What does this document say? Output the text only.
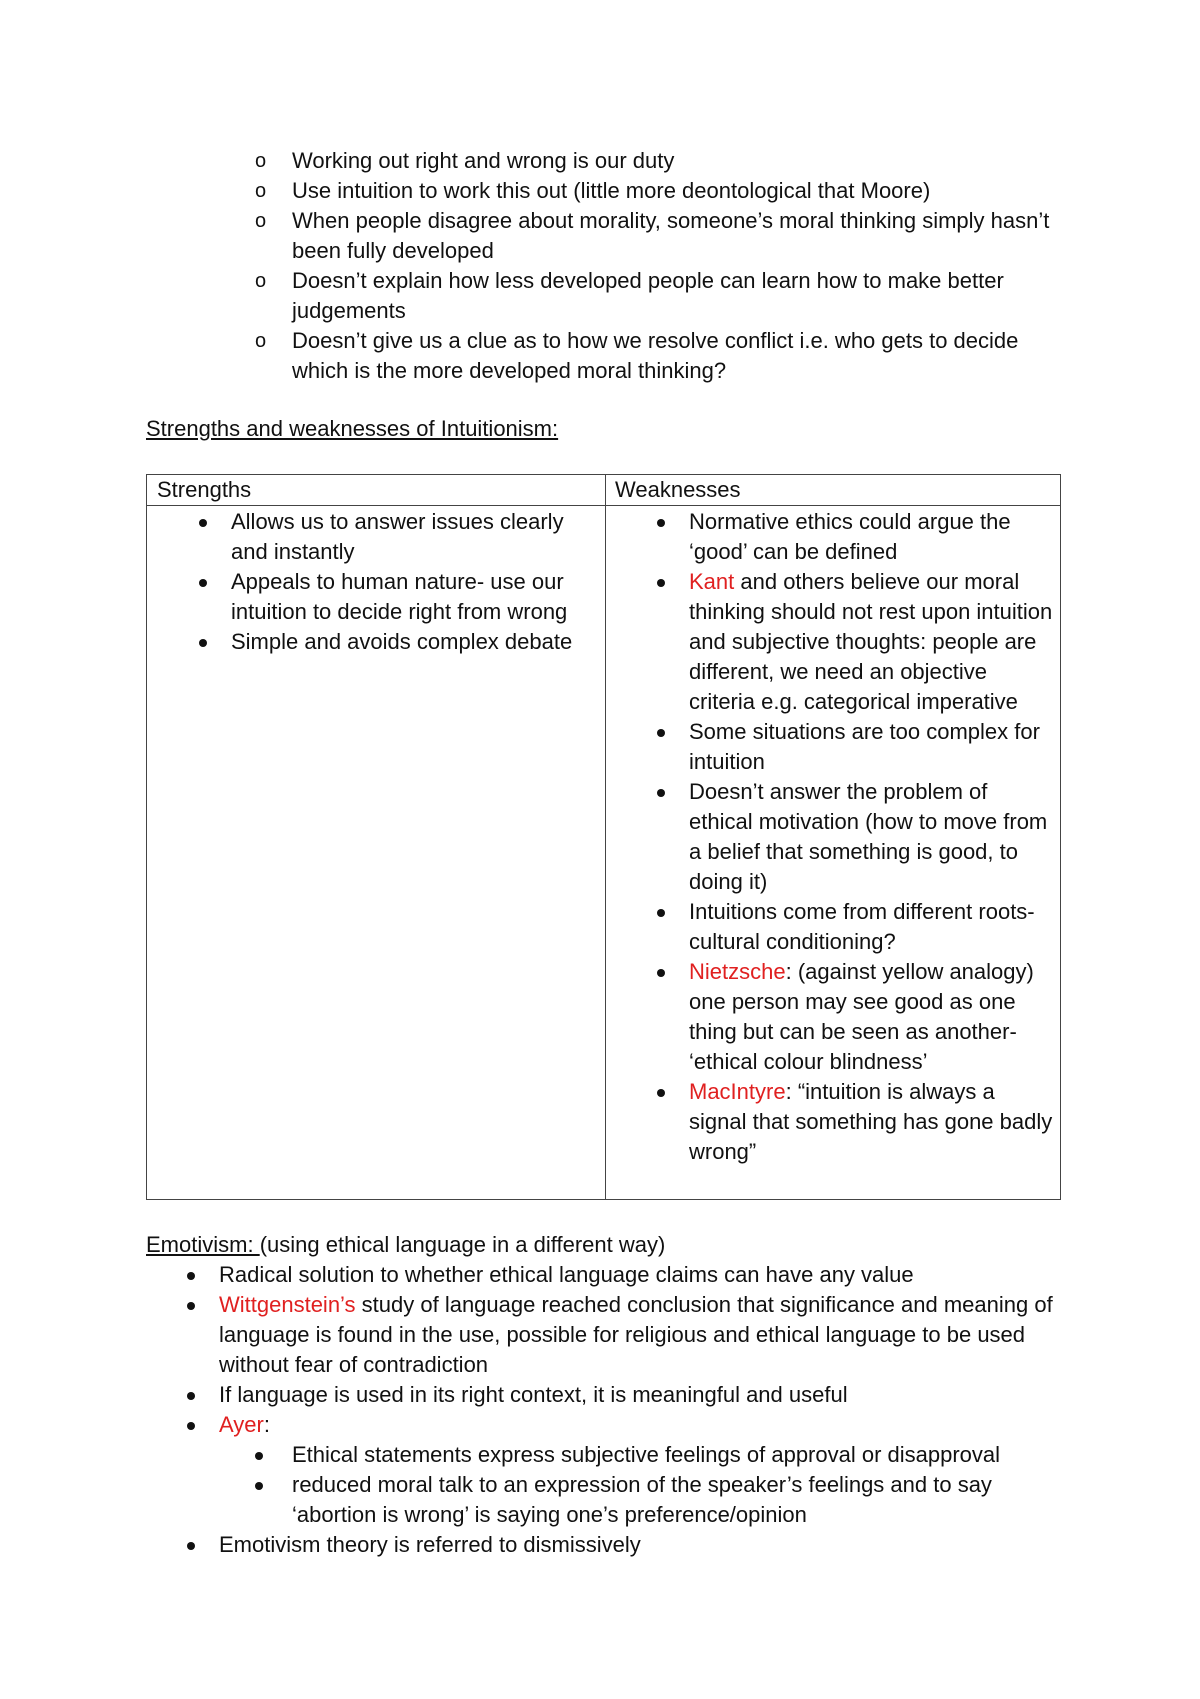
o Working out right and wrong is our duty
o Use intuition to work this out (little more deontological that Moore)
o When people disagree about morality, someone’s moral thinking simply hasn’t been fully developed
o Doesn’t explain how less developed people can learn how to make better judgements
o Doesn’t give us a clue as to how we resolve conflict i.e. who gets to decide which is the more developed moral thinking?
Strengths and weaknesses of Intuitionism:
Strengths	Weaknesses
Allows us to answer issues clearly and instantly
Appeals to human nature- use our intuition to decide right from wrong
Simple and avoids complex debate
Normative ethics could argue the ‘good’ can be defined
Kant and others believe our moral thinking should not rest upon intuition and subjective thoughts: people are different, we need an objective criteria e.g. categorical imperative
Some situations are too complex for intuition
Doesn’t answer the problem of ethical motivation (how to move from a belief that something is good, to doing it)
Intuitions come from different roots- cultural conditioning?
Nietzsche: (against yellow analogy) one person may see good as one thing but can be seen as another- ‘ethical colour blindness’
MacIntyre: “intuition is always a signal that something has gone badly wrong”
Emotivism: (using ethical language in a different way)
Radical solution to whether ethical language claims can have any value
Wittgenstein’s study of language reached conclusion that significance and meaning of language is found in the use, possible for religious and ethical language to be used without fear of contradiction
If language is used in its right context, it is meaningful and useful
Ayer:
Ethical statements express subjective feelings of approval or disapproval
reduced moral talk to an expression of the speaker’s feelings and to say ‘abortion is wrong’ is saying one’s preference/opinion
Emotivism theory is referred to dismissively
